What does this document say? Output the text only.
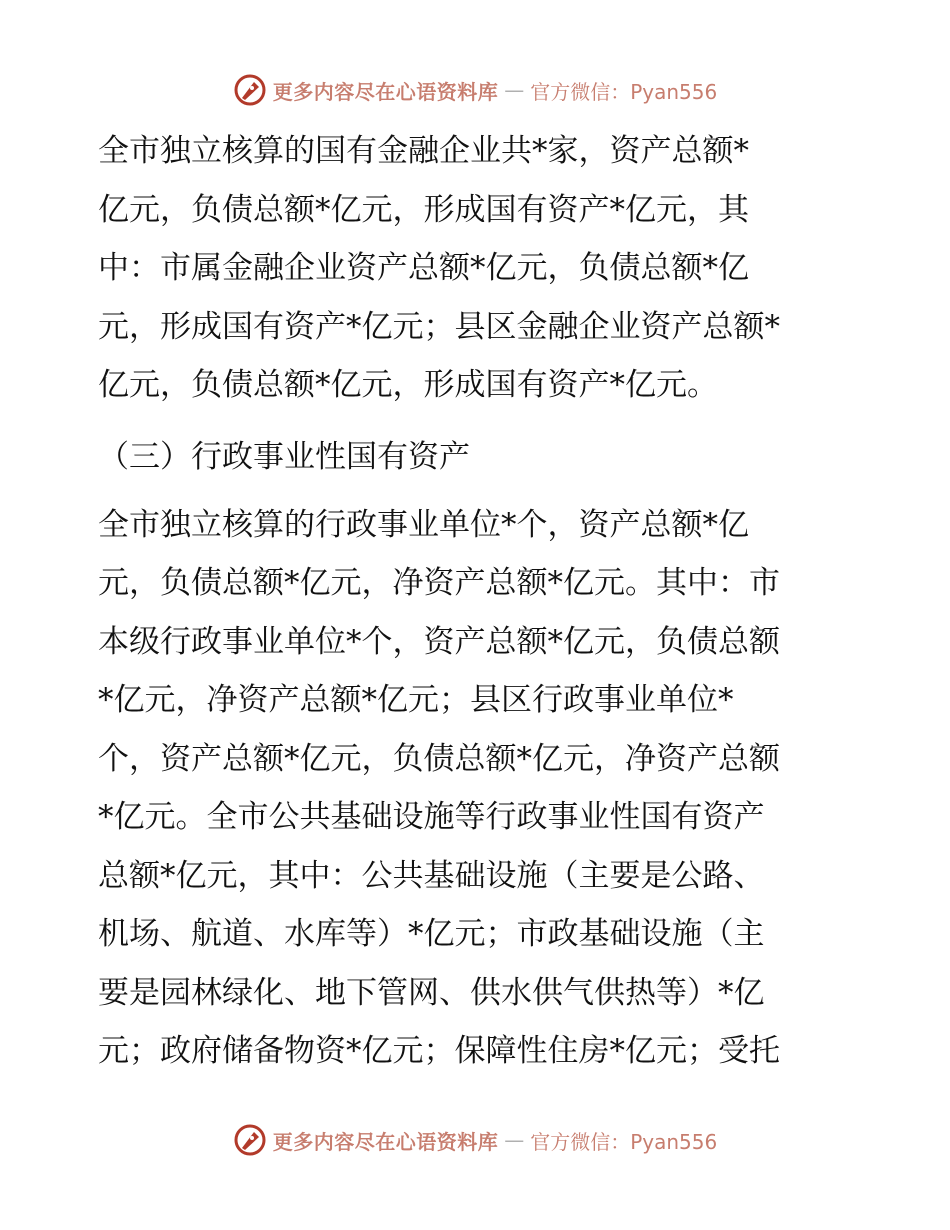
更多内容尽在心语资料库 — 官方微信：Pyan556
全市独立核算的国有金融企业共*家，资产总额*
亿元，负债总额*亿元，形成国有资产*亿元，其
中：市属金融企业资产总额*亿元，负债总额*亿
元，形成国有资产*亿元；县区金融企业资产总额*
亿元，负债总额*亿元，形成国有资产*亿元。
（三）行政事业性国有资产
全市独立核算的行政事业单位*个，资产总额*亿
元，负债总额*亿元，净资产总额*亿元。其中：市
本级行政事业单位*个，资产总额*亿元，负债总额
*亿元，净资产总额*亿元；县区行政事业单位*
个，资产总额*亿元，负债总额*亿元，净资产总额
*亿元。全市公共基础设施等行政事业性国有资产
总额*亿元，其中：公共基础设施（主要是公路、
机场、航道、水库等）*亿元；市政基础设施（主
要是园林绿化、地下管网、供水供气供热等）*亿
元；政府储备物资*亿元；保障性住房*亿元；受托
更多内容尽在心语资料库 — 官方微信：Pyan556
